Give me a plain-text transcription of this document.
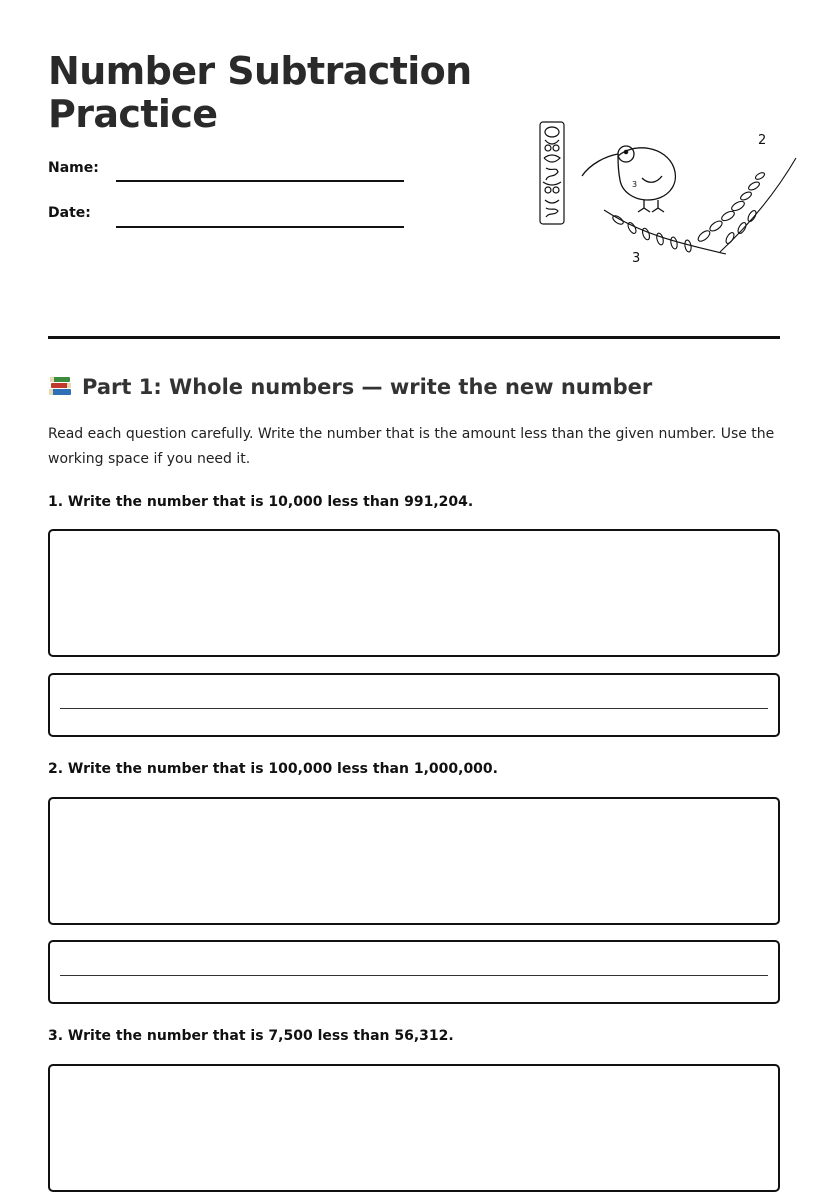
Number Subtraction Practice
Name:
Date:
2
3
3
Part 1: Whole numbers — write the new number

Read each question carefully. Write the number that is the amount less than the given number. Use the working space if you need it.

1. Write the number that is 10,000 less than 991,204.

2. Write the number that is 100,000 less than 1,000,000.

3. Write the number that is 7,500 less than 56,312.
